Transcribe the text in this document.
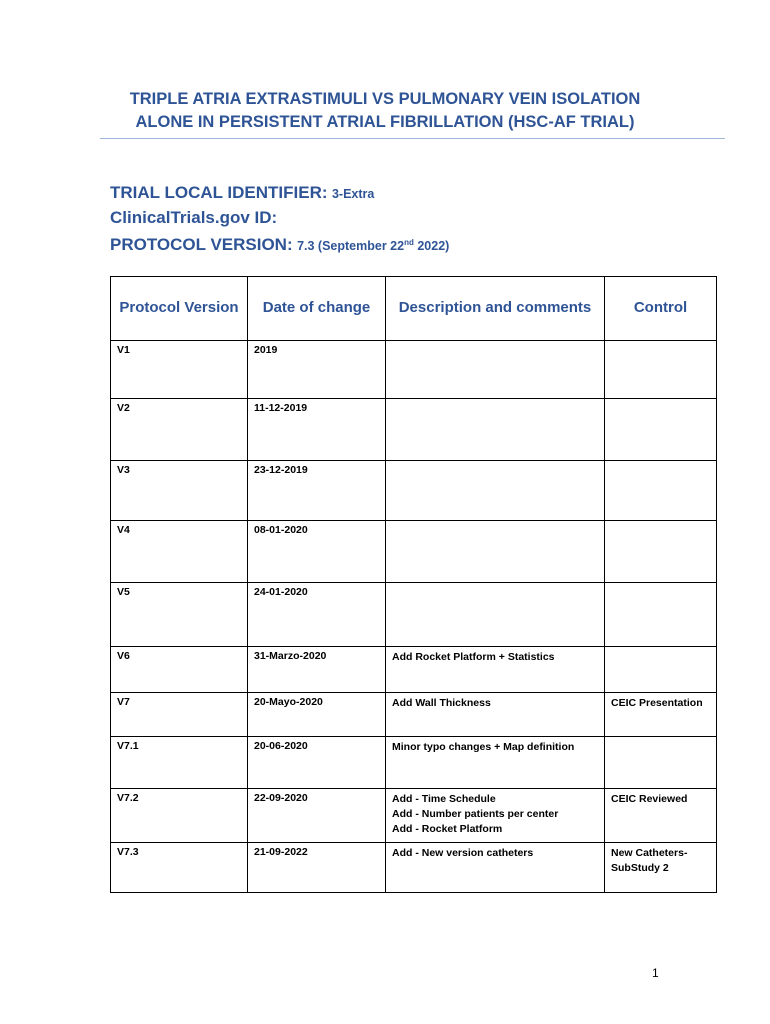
TRIPLE ATRIA EXTRASTIMULI VS PULMONARY VEIN ISOLATION
ALONE IN PERSISTENT ATRIAL FIBRILLATION (HSC-AF TRIAL)
TRIAL LOCAL IDENTIFIER: 3-Extra
ClinicalTrials.gov ID:
PROTOCOL VERSION: 7.3 (September 22nd 2022)
Protocol Version	Date of change	Description and comments	Control
V1	2019		
V2	11-12-2019		
V3	23-12-2019		
V4	08-01-2020		
V5	24-01-2020		
V6	31-Marzo-2020	Add Rocket Platform + Statistics	

V7	20-Mayo-2020	Add Wall Thickness	CEIC Presentation

V7.1	20-06-2020	Minor typo changes + Map definition	

V7.2	22-09-2020	Add - Time Schedule
Add - Number patients per center
Add - Rocket Platform	CEIC Reviewed

V7.3	21-09-2022	Add - New version catheters	New Catheters-
SubStudy 2
1
